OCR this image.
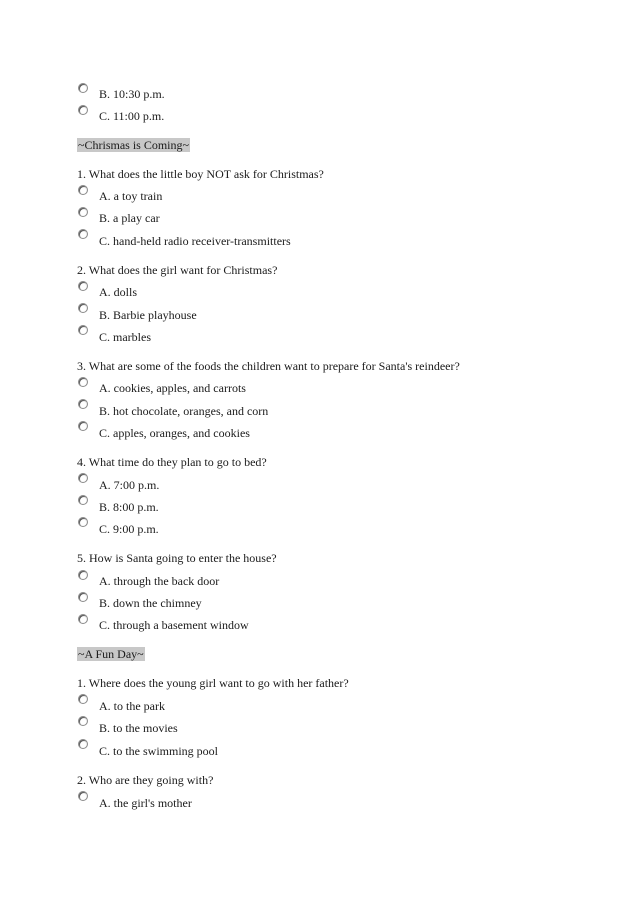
B. 10:30 p.m.
C. 11:00 p.m.
~Chrismas is Coming~
1. What does the little boy NOT ask for Christmas?
A. a toy train
B. a play car
C. hand-held radio receiver-transmitters
2. What does the girl want for Christmas?
A. dolls
B. Barbie playhouse
C. marbles
3. What are some of the foods the children want to prepare for Santa's reindeer?
A. cookies, apples, and carrots
B. hot chocolate, oranges, and corn
C. apples, oranges, and cookies
4. What time do they plan to go to bed?
A. 7:00 p.m.
B. 8:00 p.m.
C. 9:00 p.m.
5. How is Santa going to enter the house?
A. through the back door
B. down the chimney
C. through a basement window
~A Fun Day~
1. Where does the young girl want to go with her father?
A. to the park
B. to the movies
C. to the swimming pool
2. Who are they going with?
A. the girl's mother
